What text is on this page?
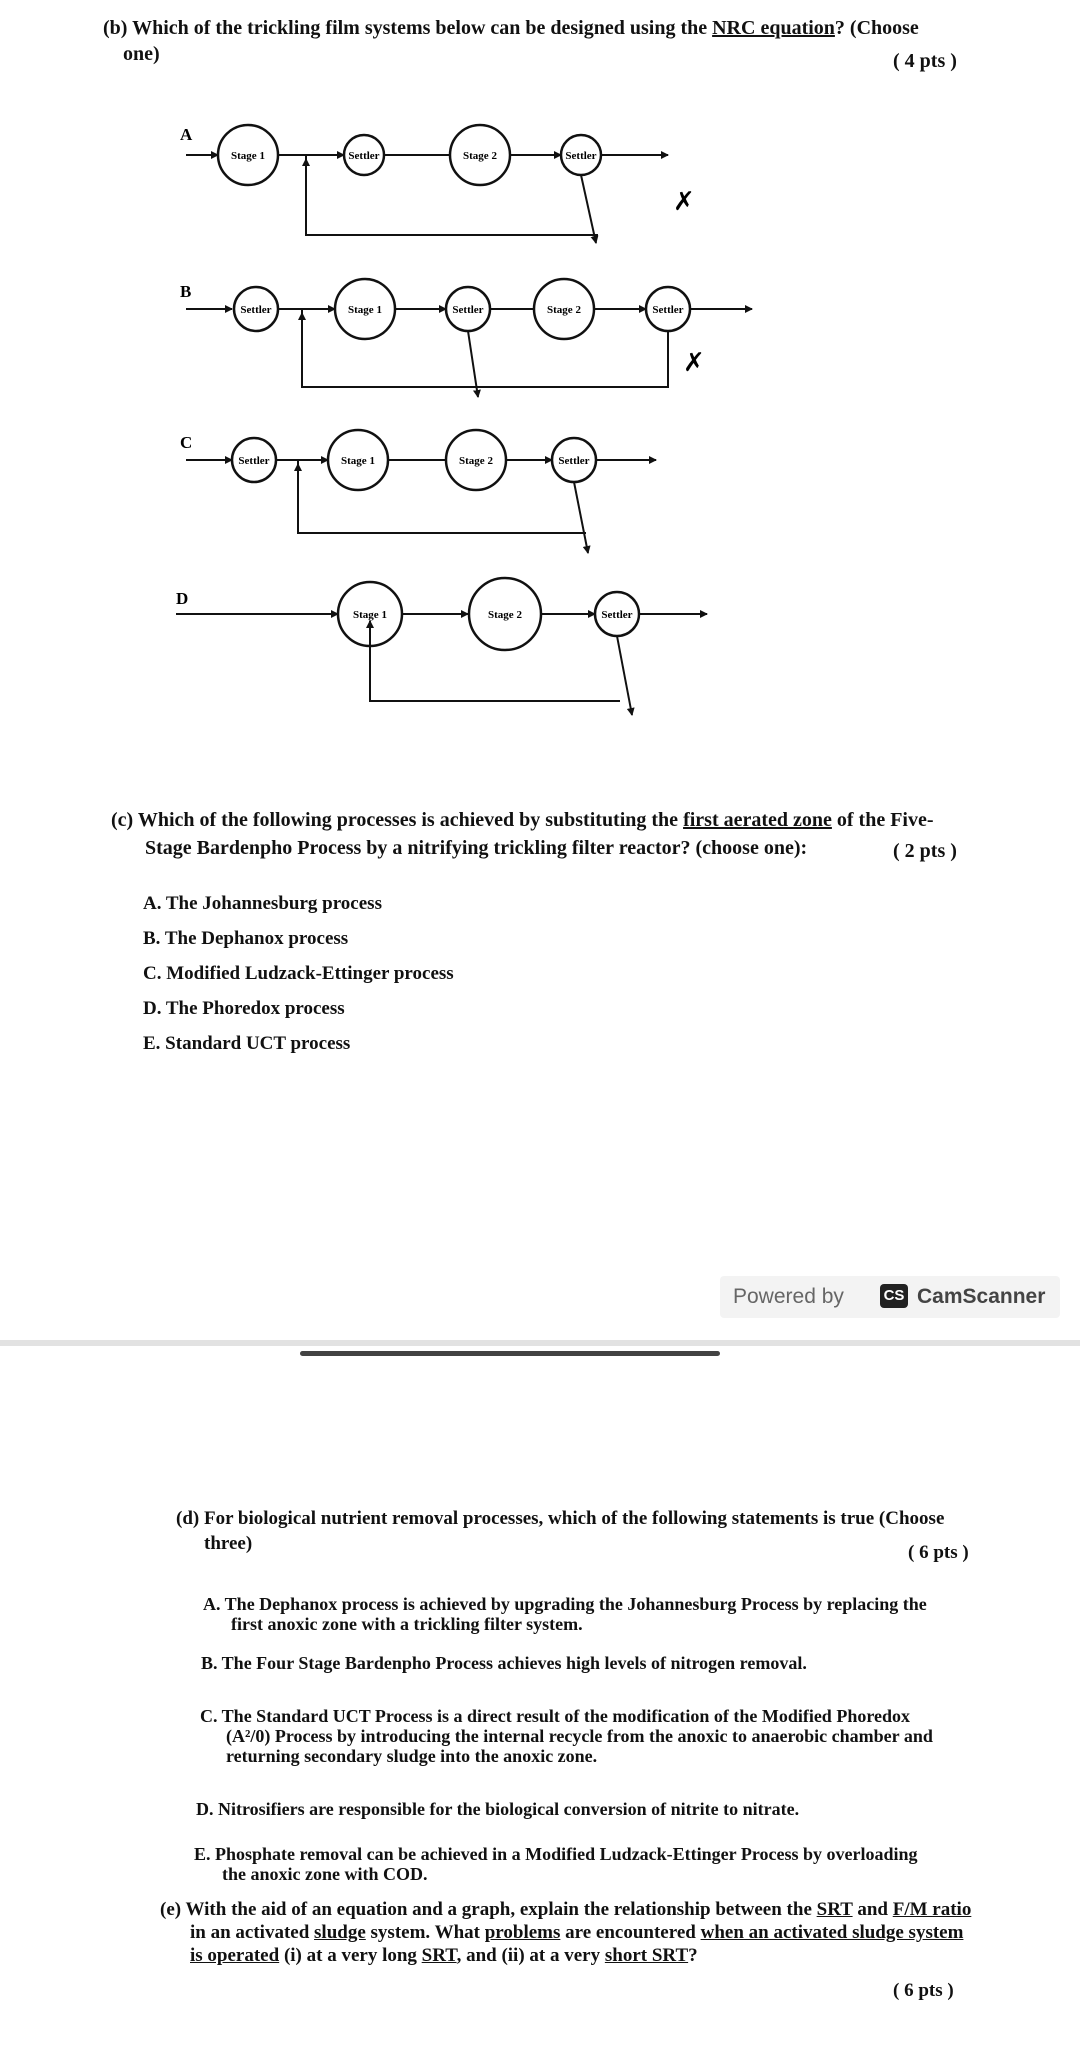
(b) Which of the trickling film systems below can be designed using the NRC equation? (Choose
one)	( 4 pts )
A
Stage 1	Settler	Stage 2	Settler
✗
B
Settler	Stage 1	Settler	Stage 2	Settler
✗
C
Settler	Stage 1	Stage 2	Settler
D
Stage 1	Stage 2	Settler
(c) Which of the following processes is achieved by substituting the first aerated zone of the Five-
Stage Bardenpho Process by a nitrifying trickling filter reactor? (choose one):	( 2 pts )
A. The Johannesburg process
B. The Dephanox process
C. Modified Ludzack-Ettinger process
D. The Phoredox process
E. Standard UCT process
Powered by	CS CamScanner
(d) For biological nutrient removal processes, which of the following statements is true (Choose
three)	( 6 pts )
A. The Dephanox process is achieved by upgrading the Johannesburg Process by replacing the
first anoxic zone with a trickling filter system.
B. The Four Stage Bardenpho Process achieves high levels of nitrogen removal.
C. The Standard UCT Process is a direct result of the modification of the Modified Phoredox
(A²/0) Process by introducing the internal recycle from the anoxic to anaerobic chamber and
returning secondary sludge into the anoxic zone.
D. Nitrosifiers are responsible for the biological conversion of nitrite to nitrate.
E. Phosphate removal can be achieved in a Modified Ludzack-Ettinger Process by overloading
the anoxic zone with COD.
(e) With the aid of an equation and a graph, explain the relationship between the SRT and F/M ratio
in an activated sludge system. What problems are encountered when an activated sludge system
is operated (i) at a very long SRT, and (ii) at a very short SRT?
( 6 pts )
